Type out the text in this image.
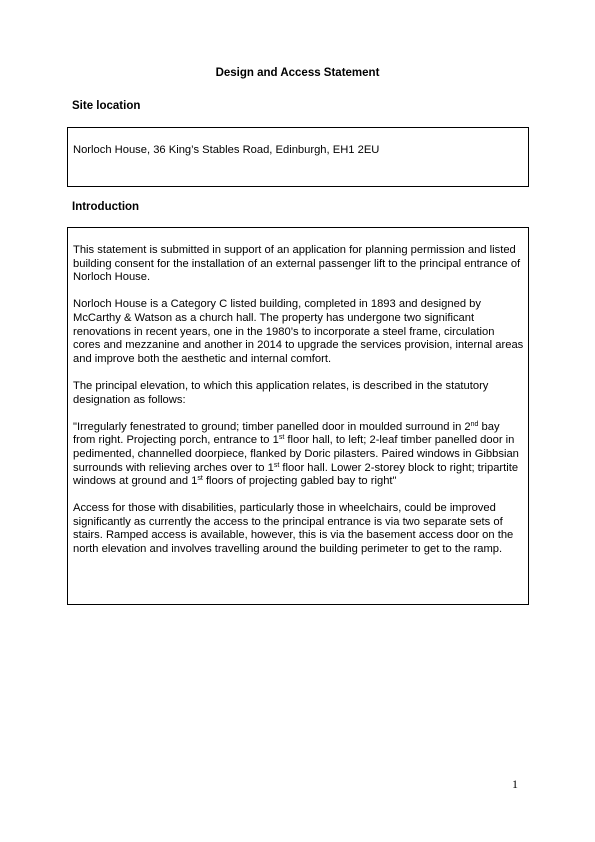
Design and Access Statement
Site location

Norloch House, 36 King’s Stables Road, Edinburgh, EH1 2EU

Introduction

This statement is submitted in support of an application for planning permission and listed building consent for the installation of an external passenger lift to the principal entrance of Norloch House.

Norloch House is a Category C listed building, completed in 1893 and designed by McCarthy & Watson as a church hall. The property has undergone two significant renovations in recent years, one in the 1980’s to incorporate a steel frame, circulation cores and mezzanine and another in 2014 to upgrade the services provision, internal areas and improve both the aesthetic and internal comfort.

The principal elevation, to which this application relates, is described in the statutory designation as follows:

"Irregularly fenestrated to ground; timber panelled door in moulded surround in 2nd bay from right. Projecting porch, entrance to 1st floor hall, to left; 2-leaf timber panelled door in pedimented, channelled doorpiece, flanked by Doric pilasters. Paired windows in Gibbsian surrounds with relieving arches over to 1st floor hall. Lower 2-storey block to right; tripartite windows at ground and 1st floors of projecting gabled bay to right"

Access for those with disabilities, particularly those in wheelchairs, could be improved significantly as currently the access to the principal entrance is via two separate sets of stairs. Ramped access is available, however, this is via the basement access door on the north elevation and involves travelling around the building perimeter to get to the ramp.

1
